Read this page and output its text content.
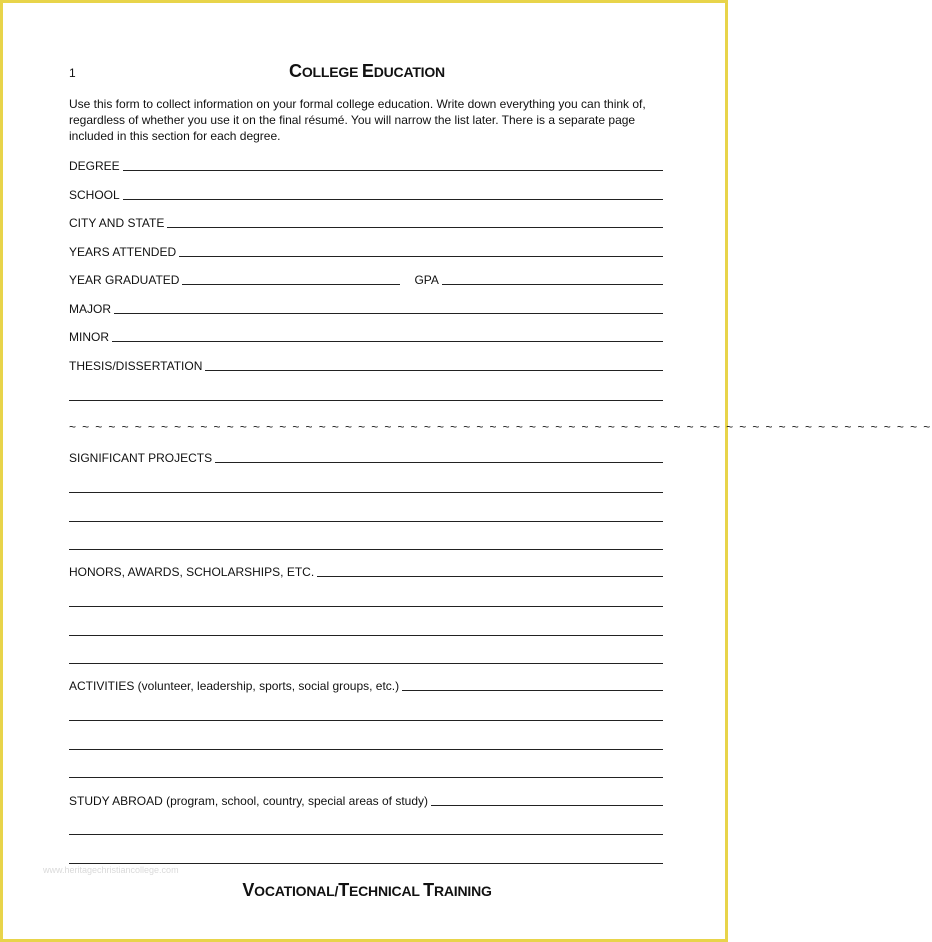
1	COLLEGE EDUCATION

Use this form to collect information on your formal college education. Write down everything you can think of, regardless of whether you use it on the final résumé. You will narrow the list later. There is a separate page included in this section for each degree.

DEGREE
SCHOOL
CITY AND STATE
YEARS ATTENDED
YEAR GRADUATED	GPA
MAJOR
MINOR
THESIS/DISSERTATION
~ ~ ~ ~ ~ ~ ~ ~ ~ ~ ~ ~ ~ ~ ~ ~ ~ ~ ~ ~ ~ ~ ~ ~ ~ ~ ~ ~ ~ ~ ~ ~ ~ ~ ~ ~ ~ ~ ~ ~ ~ ~ ~ ~ ~ ~ ~ ~ ~ ~ ~ ~ ~ ~ ~ ~ ~ ~ ~ ~ ~ ~ ~ ~ ~ ~
SIGNIFICANT PROJECTS
HONORS, AWARDS, SCHOLARSHIPS, ETC.
ACTIVITIES (volunteer, leadership, sports, social groups, etc.)
STUDY ABROAD (program, school, country, special areas of study)
www.heritagechristiancollege.com
VOCATIONAL/TECHNICAL TRAINING
